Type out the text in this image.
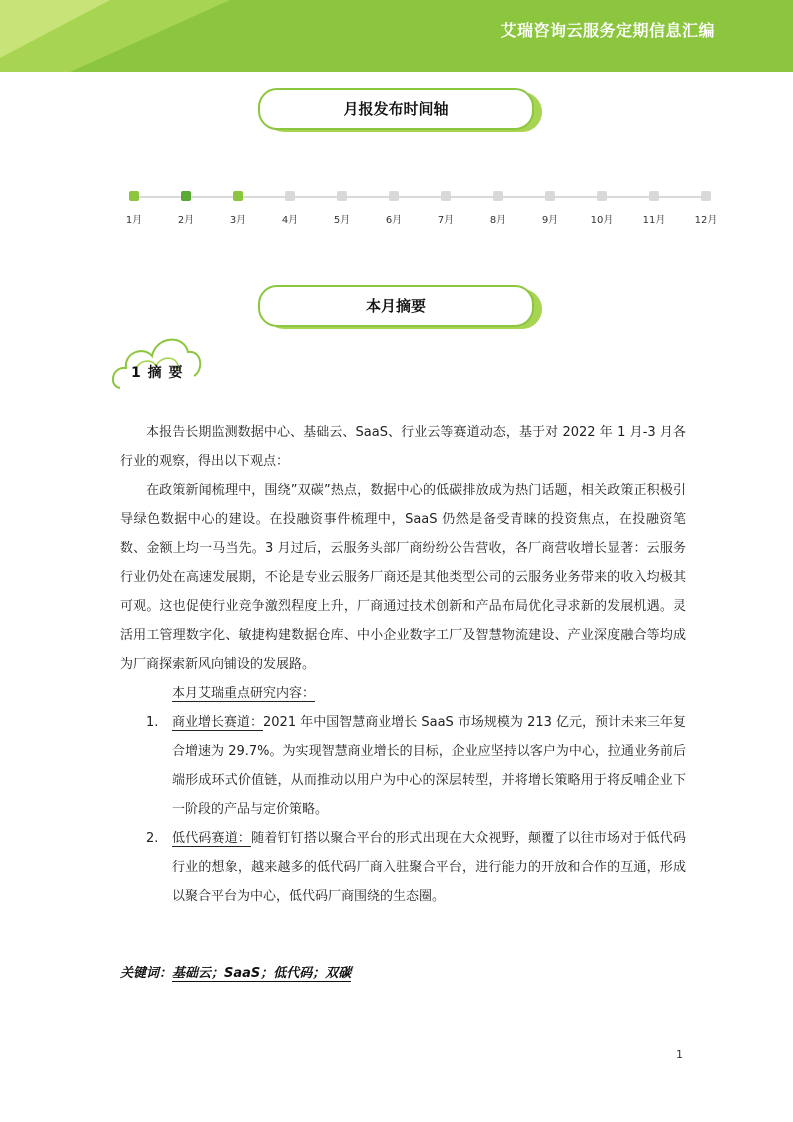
艾瑞咨询云服务定期信息汇编
月报发布时间轴
1月	2月	3月	4月	5月	6月	7月	8月	9月	10月	11月	12月
本月摘要
1 摘 要

本报告长期监测数据中心、基础云、SaaS、行业云等赛道动态，基于对 2022 年 1 月-3 月各行业的观察，得出以下观点：

在政策新闻梳理中，围绕”双碳”热点，数据中心的低碳排放成为热门话题，相关政策正积极引导绿色数据中心的建设。在投融资事件梳理中，SaaS 仍然是备受青睐的投资焦点，在投融资笔数、金额上均一马当先。3 月过后，云服务头部厂商纷纷公告营收，各厂商营收增长显著：云服务行业仍处在高速发展期，不论是专业云服务厂商还是其他类型公司的云服务业务带来的收入均极其可观。这也促使行业竞争激烈程度上升，厂商通过技术创新和产品布局优化寻求新的发展机遇。灵活用工管理数字化、敏捷构建数据仓库、中小企业数字工厂及智慧物流建设、产业深度融合等均成为厂商探索新风向铺设的发展路。

本月艾瑞重点研究内容：

1. 商业增长赛道：2021 年中国智慧商业增长 SaaS 市场规模为 213 亿元，预计未来三年复合增速为 29.7%。为实现智慧商业增长的目标，企业应坚持以客户为中心，拉通业务前后端形成环式价值链，从而推动以用户为中心的深层转型，并将增长策略用于将反哺企业下一阶段的产品与定价策略。
2. 低代码赛道：随着钉钉搭以聚合平台的形式出现在大众视野，颠覆了以往市场对于低代码行业的想象，越来越多的低代码厂商入驻聚合平台，进行能力的开放和合作的互通，形成以聚合平台为中心，低代码厂商围绕的生态圈。
关键词：基础云；SaaS；低代码；双碳
1
